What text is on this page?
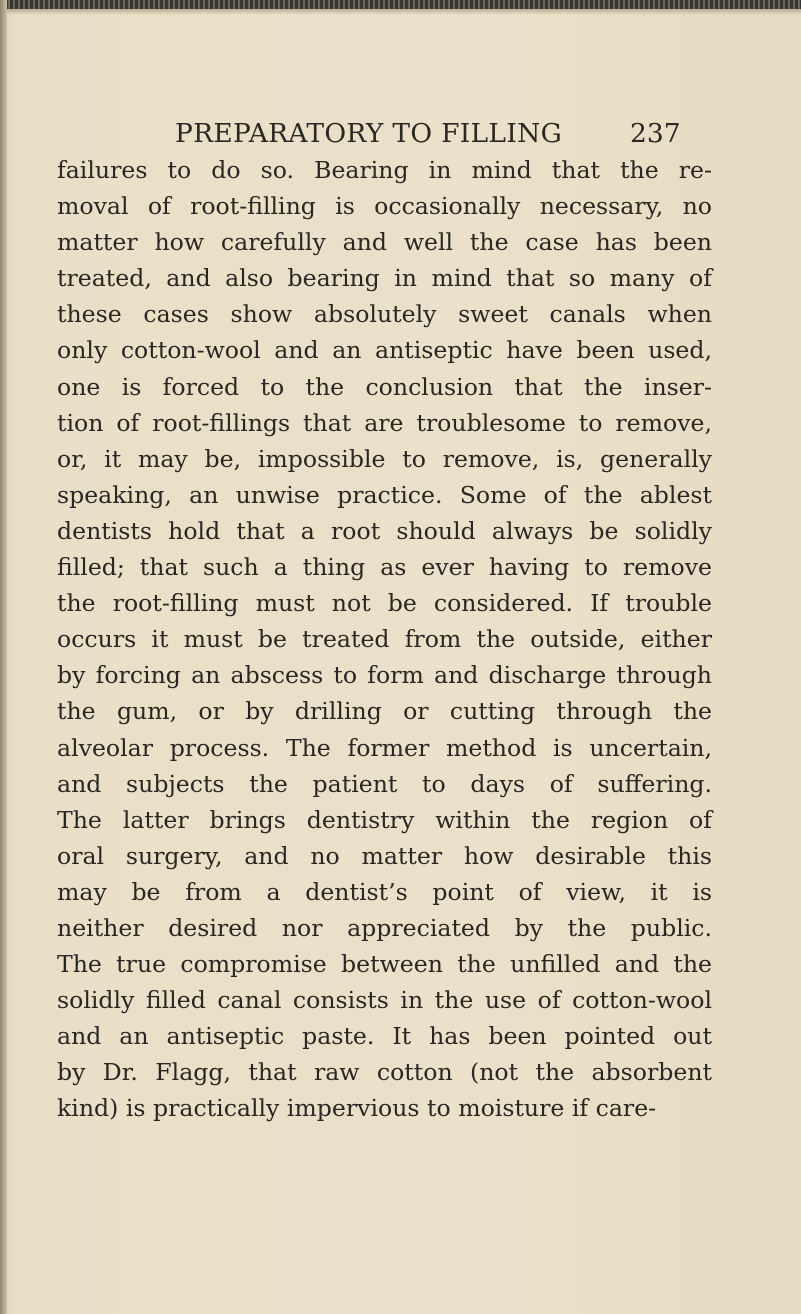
PREPARATORY TO FILLING	237
failures to do so. Bearing in mind that the re-
moval of root-filling is occasionally necessary, no
matter how carefully and well the case has been
treated, and also bearing in mind that so many of
these cases show absolutely sweet canals when
only cotton-wool and an antiseptic have been used,
one is forced to the conclusion that the inser-
tion of root-fillings that are troublesome to remove,
or, it may be, impossible to remove, is, generally
speaking, an unwise practice. Some of the ablest
dentists hold that a root should always be solidly
filled; that such a thing as ever having to remove
the root-filling must not be considered. If trouble
occurs it must be treated from the outside, either
by forcing an abscess to form and discharge through
the gum, or by drilling or cutting through the
alveolar process. The former method is uncertain,
and subjects the patient to days of suffering.
The latter brings dentistry within the region of
oral surgery, and no matter how desirable this
may be from a dentist’s point of view, it is
neither desired nor appreciated by the public.
The true compromise between the unfilled and the
solidly filled canal consists in the use of cotton-wool
and an antiseptic paste. It has been pointed out
by Dr. Flagg, that raw cotton (not the absorbent
kind) is practically impervious to moisture if care-
